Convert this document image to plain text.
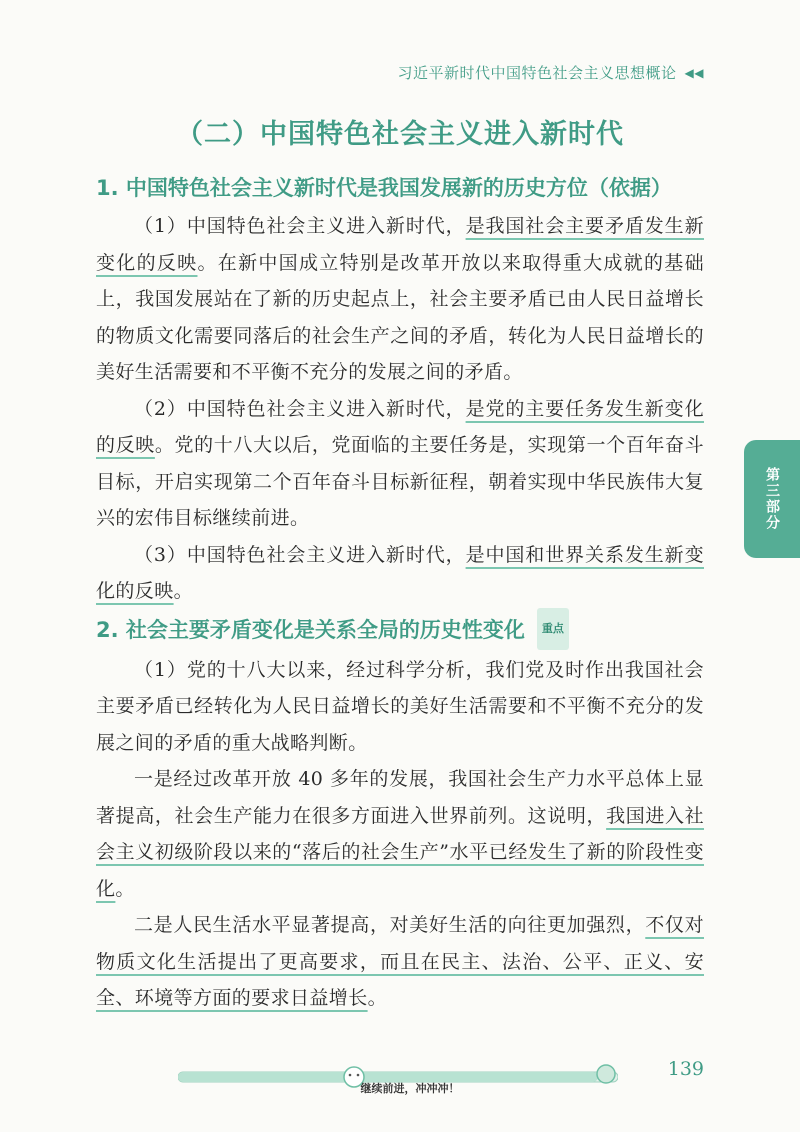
习近平新时代中国特色社会主义思想概论 ◀◀
（二）中国特色社会主义进入新时代
1. 中国特色社会主义新时代是我国发展新的历史方位（依据）

（1）中国特色社会主义进入新时代，是我国社会主要矛盾发生新变化的反映。在新中国成立特别是改革开放以来取得重大成就的基础上，我国发展站在了新的历史起点上，社会主要矛盾已由人民日益增长的物质文化需要同落后的社会生产之间的矛盾，转化为人民日益增长的美好生活需要和不平衡不充分的发展之间的矛盾。

（2）中国特色社会主义进入新时代，是党的主要任务发生新变化的反映。党的十八大以后，党面临的主要任务是，实现第一个百年奋斗目标，开启实现第二个百年奋斗目标新征程，朝着实现中华民族伟大复兴的宏伟目标继续前进。

（3）中国特色社会主义进入新时代，是中国和世界关系发生新变化的反映。

2. 社会主要矛盾变化是关系全局的历史性变化 重点

（1）党的十八大以来，经过科学分析，我们党及时作出我国社会主要矛盾已经转化为人民日益增长的美好生活需要和不平衡不充分的发展之间的矛盾的重大战略判断。

一是经过改革开放 40 多年的发展，我国社会生产力水平总体上显著提高，社会生产能力在很多方面进入世界前列。这说明，我国进入社会主义初级阶段以来的“落后的社会生产”水平已经发生了新的阶段性变化。

二是人民生活水平显著提高，对美好生活的向往更加强烈，不仅对物质文化生活提出了更高要求，而且在民主、法治、公平、正义、安全、环境等方面的要求日益增长。

第三部分
继续前进，冲冲冲！
139
